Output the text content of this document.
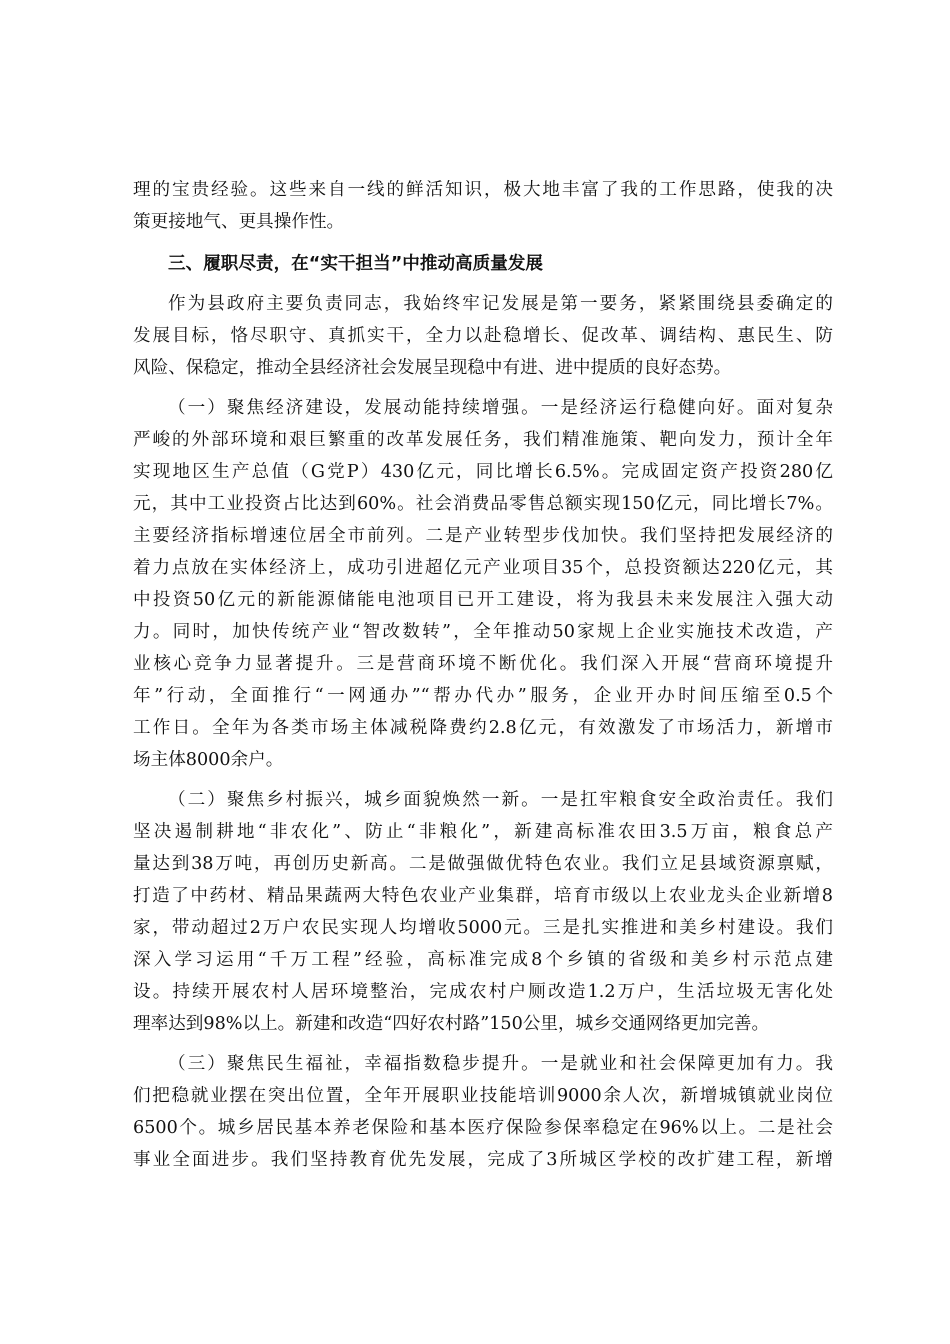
理的宝贵经验。这些来自一线的鲜活知识，极大地丰富了我的工作思路，使我的决
策更接地气、更具操作性。
三、履职尽责，在“实干担当”中推动高质量发展
作为县政府主要负责同志，我始终牢记发展是第一要务，紧紧围绕县委确定的
发展目标，恪尽职守、真抓实干，全力以赴稳增长、促改革、调结构、惠民生、防
风险、保稳定，推动全县经济社会发展呈现稳中有进、进中提质的良好态势。
（一）聚焦经济建设，发展动能持续增强。一是经济运行稳健向好。面对复杂
严峻的外部环境和艰巨繁重的改革发展任务，我们精准施策、靶向发力，预计全年
实现地区生产总值（G党P）430亿元，同比增长6.5%。完成固定资产投资280亿
元，其中工业投资占比达到60%。社会消费品零售总额实现150亿元，同比增长7%。
主要经济指标增速位居全市前列。二是产业转型步伐加快。我们坚持把发展经济的
着力点放在实体经济上，成功引进超亿元产业项目35个，总投资额达220亿元，其
中投资50亿元的新能源储能电池项目已开工建设，将为我县未来发展注入强大动
力。同时，加快传统产业“智改数转”，全年推动50家规上企业实施技术改造，产
业核心竞争力显著提升。三是营商环境不断优化。我们深入开展“营商环境提升
年”行动，全面推行“一网通办”“帮办代办”服务，企业开办时间压缩至0.5个
工作日。全年为各类市场主体减税降费约2.8亿元，有效激发了市场活力，新增市
场主体8000余户。
（二）聚焦乡村振兴，城乡面貌焕然一新。一是扛牢粮食安全政治责任。我们
坚决遏制耕地“非农化”、防止“非粮化”，新建高标准农田3.5万亩，粮食总产
量达到38万吨，再创历史新高。二是做强做优特色农业。我们立足县域资源禀赋，
打造了中药材、精品果蔬两大特色农业产业集群，培育市级以上农业龙头企业新增8
家，带动超过2万户农民实现人均增收5000元。三是扎实推进和美乡村建设。我们
深入学习运用“千万工程”经验，高标准完成8个乡镇的省级和美乡村示范点建
设。持续开展农村人居环境整治，完成农村户厕改造1.2万户，生活垃圾无害化处
理率达到98%以上。新建和改造“四好农村路”150公里，城乡交通网络更加完善。
（三）聚焦民生福祉，幸福指数稳步提升。一是就业和社会保障更加有力。我
们把稳就业摆在突出位置，全年开展职业技能培训9000余人次，新增城镇就业岗位
6500个。城乡居民基本养老保险和基本医疗保险参保率稳定在96%以上。二是社会
事业全面进步。我们坚持教育优先发展，完成了3所城区学校的改扩建工程，新增
